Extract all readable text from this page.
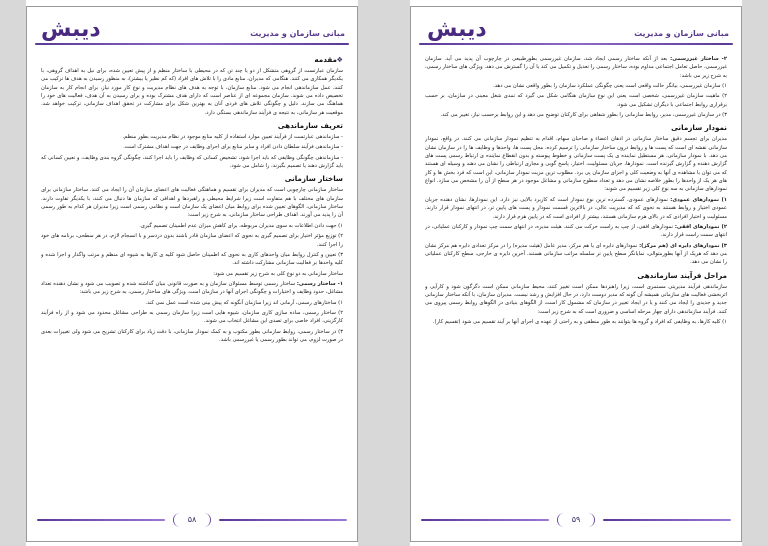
دیبش	مبانی سازمان و مدیریت
❖مقدمه

سازمان عبارتست از گروهی متشکل از دو یا چند تن که در محیطی با ساختار منظم و از پیش تعیین شده، برای نیل به اهداف گروهی، با یکدیگر همکاری می کنند. هنگامی که مدیران، منابع مادی را با تلاش های افراد (که کم نظیر یا بیشتر)، به منظور رسیدن به هدف ها ترکیب می کنند، عمل سازماندهی انجام می شود. منابع سازمان، با توجه به هدف های نظام مدیریت و نوع کار مورد نیاز، برای انجام کار به سازمان تخصیص داده می شوند. سازمان مجموعه ای از عناصر است که دارای هدف مشترک بوده و برای رسیدن به آن هدف، فعالیت های خود را هماهنگ می سازند. دلیل و چگونگی تلاش های فردی آنان به بهترین شکل برای مشارکت در تحقق اهداف سازمانی، ترکیب خواهد شد. موقعیت هر سازمانی، به نتیجه ی فرآیند سازماندهی بستگی دارد.

تعریف سازماندهی

- سازماندهی عبارتست از فرآیند تعیین موارد استفاده از کلیه منابع موجود در نظام مدیریت بطور منظم.

- سازماندهی فرآیند سلطان دادن افراد و سایر منابع برای اجرای وظایف در جهت اهداف مشترک است.

- سازماندهی چگونگی وظایفی که باید اجرا شود، تشخیص کسانی که وظایف را باید اجرا کنند، چگونگی گروه بندی وظایف، و تعیین کسانی که باید گزارش دهند یا تصمیم بگیرند، را شامل می شود.

ساختار سازمانی

ساختار سازمانی چارچوبی است که مدیران برای تقسیم و هماهنگی فعالیت های اعضای سازمان آن را ایجاد می کنند. ساختار سازمانی برای سازمان های مختلف با هم متفاوت است زیرا شرایط محیطی و راهبردها و اهدافی که سازمان ها دنبال می کنند، با یکدیگر تفاوت دارند. ساختار سازمانی، الگوهای تعیین شده برای روابط میان اعضای یک سازمان است و نظامی رسمی است زیرا مدیران هر کدام به طور رسمی آن را پدید می آورند. اهداف طراحی ساختار سازمانی، به شرح زیر است:

۱) جهت دادن اطلاعات به سوی مدیران مربوطه، برای کاهش میزان عدم اطمینان تصمیم گیری.

۲) توزیع مؤثر اختیار برای تصمیم گیری به نحوی که اعضای سازمان قادر باشند بدون دردسر و با انسجام لازم، در هر سطحی، برنامه های خود را اجرا کنند.

۳) تعیین و کنترل روابط میان واحدهای کاری به نحوی که اطمینان حاصل شود کلیه ی کارها به شیوه ای منظم و مرتب واگذار و اجرا شده و کلیه واحدها بر فعالیت سازمانی مشارکت داشته اند.

ساختار سازمانی به دو نوع کلی به شرح زیر تقسیم می شود:

۱- ساختار رسمی: ساختار رسمی توسط مسئولان سازمان و به صورت قانونی بنیان گذاشته شده و تصویب می شود و نشان دهنده تعداد مشاغل، حدود وظایف و اختیارات و چگونگی اجرای آنها در سازمان است. ویژگی های ساختار رسمی، به شرح زیر می باشد:

۱) ساختارهای رسمی، آرمانی اند زیرا سازمان آنگونه که پیش بینی شده است عمل نمی کند.

۲) ساختار رسمی، ساده سازی کاری سازمان، شیوه هایی است زیرا سازمان رسمی به طراحی مشاغل محدود می شود و از راه فرآیند کارگزینی، افراد خاصی برای تصدی این مشاغل انتخاب می شوند.

۳) در ساختار رسمی، روابط سازمانی بطور مکتوب و به کمک نمودار سازمانی، با دقت زیاد برای کارکنان تشریح می شود ولی تغییرات بعدی در صورت لزوم، می تواند بطور رسمی یا غیررسمی باشد.

۵۸
دیبش	مبانی سازمان و مدیریت

۲- ساختار غیررسمی: بعد از آنکه ساختار رسمی ایجاد شد، سازمان غیررسمی بطورطبیعی در چارچوب آن پدید می آید. سازمان غیررسمی، حاصل تعامل اجتماعی مداوم بوده، ساختار رسمی را تعدیل و تکمیل می کند یا آن را گسترش می دهد. ویژگی های ساختار رسمی، به شرح زیر می باشد:

۱) سازمان غیررسمی، بیانگر حالت واقعی است یعنی چگونگی عملکرد سازمان را بطور واقعی نشان می دهد.

۲) ماهیت سازمان غیررسمی، شخصی است یعنی این نوع سازمان هنگامی شکل می گیرد که تمدی شغل معینی در سازمان، بر حسب برقراری روابط اجتماعی با دیگران تشکیل می شود.

۳) در سازمان غیررسمی، مدیر، روابط سازمانی را بطور شفاهی برای کارکنان توضیح می دهد و این روابط برحسب نیاز، تغییر می کند.

نمودار سازمانی

مدیران برای تجسم دقیق ساختار سازمانی در اذهان اعضاء و صاحبان سهام، اقدام به تنظیم نمودار سازمانی می کنند. در واقع، نمودار سازمانی نقشه ای است که پست ها و روابط درون ساختار سازمانی را ترسیم کرده، محل پست ها، واحدها و وظایف ها را در سازمان نشان می دهد. با نمودار سازمانی، هر مستطیل نماینده ی یک پست سازمانی و خطوط پیوسته و بدون انقطاع نماینده ی ارتباط رسمی پست های گزارش دهنده و گزارش گیرنده است. نمودارها، جریان مسئولیت، اختیار، پاسخ گویی و مجاری ارتباطی را نشان می دهند و وسیله ای هستند که می توان با مشاهده ی آنها به وضعیت کلی و اجزای سازمان پی برد. مطلوب ترین مزیت نمودار سازمانی، این است که فرد بخش ها و کار های هر یک از واحدها را بطور خلاصه نشان می دهد و تعداد سطوح سازمانی و مشاغل موجود در هر سطح از آن را مشخص می سازد. انواع نمودارهای سازمانی به سه نوع کلی زیر تقسیم می شوند:

۱) نمودارهای عمودی: نمودارهای عمودی، گسترده ترین نوع نمودار است که کاربرد بالایی نیز دارد. این نمودارها، نشان دهنده جریان عمودی اختیار و روابط هستند به نحوی که که مدیریت عالی، در بالاترین قسمت نمودار و پست های پایین تر، در انتهای نمودار قرار دارند. مسئولیت و اختیار افرادی که در بالای هرم سازمانی هستند، بیشتر از افرادی است که در پایین هرم قرار دارند.

۲) نمودارهای افقی: نمودارهای افقی، از چپ به راست حرکت می کنند. هیئت مدیره، در انتهای سمت چپ نمودار و کارکنان عملیاتی، در انتهای سمت راست قرار دارند.

۳) نمودارهای دایره ای (هم مرکز): نمودارهای دایره ای یا هم مرکز، مدیر عامل (هیئت مدیره) را در مرکز تعدادی دایره هم مرکز نشان می دهد که هریک از آنها بطورمتوالی، نمایانگر سطح پایین تر سلسله مراتب سازمانی هستند. آخرین دایره ی خارجی، سطح کارکنان عملیاتی را نشان می دهد.

مراحل فرآیند سازماندهی

سازماندهی فرآیند مدیریتی مستمری است، زیرا راهبردها ممکن است تغییر کنند، محیط سازمانی ممکن است دگرگون شود و کارآیی و اثربخشی فعالیت های سازمانی همیشه آن گونه که مدیر دوست دارد، در حال افزایش و رشد نیست. مدیران سازمان، با آنکه ساختار سازمانی جدید و جدیدی را ایجاد می کنند و یا در ایجاد تغییر در سازمان که مشمول کار است، از الگوهای بنیادی در الگوهای روابط رسمی پیروی می کنند. فرآیند سازماندهی دارای چهار مرحله اساسی و ضروری است که به شرح زیر است:

۱) کلیه کارها، به وظایفی که افراد و گروه ها بتوانند به طور منطقی و به راحتی از عهده ی اجرای آنها بر آیند تقسیم می شود (تقسیم کار).

۵۹
